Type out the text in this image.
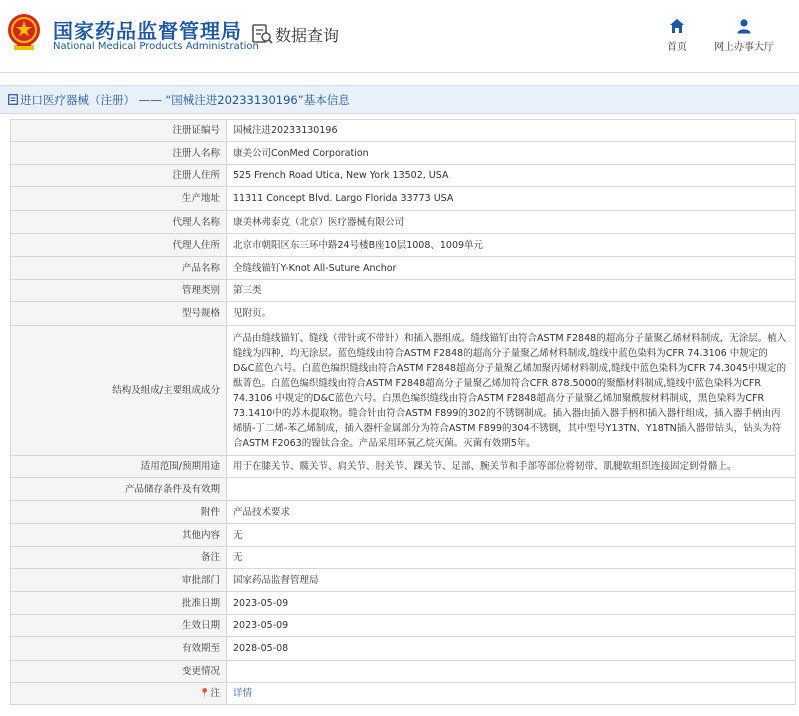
国家药品监督管理局
National Medical Products Administration
数据查询
首页	网上办事大厅
进口医疗器械（注册） —— “国械注进20233130196”基本信息
注册证编号	国械注进20233130196
注册人名称	康美公司ConMed Corporation
注册人住所	525 French Road Utica, New York 13502, USA
生产地址	11311 Concept Blvd. Largo Florida 33773 USA
代理人名称	康美林弗泰克（北京）医疗器械有限公司
代理人住所	北京市朝阳区东三环中路24号楼B座10层1008、1009单元
产品名称	全缝线锚钉Y-Knot All-Suture Anchor
管理类别	第三类
型号规格	见附页。
结构及组成/主要组成成分	产品由缝线锚钉、缝线（带针或不带针）和插入器组成。缝线锚钉由符合ASTM F2848的超高分子量聚乙烯材料制成，无涂层。植入缝线为四种，均无涂层。蓝色缝线由符合ASTM F2848的超高分子量聚乙烯材料制成,缝线中蓝色染料为CFR 74.3106 中规定的D&C蓝色六号。白蓝色编织缝线由符合ASTM F2848超高分子量聚乙烯加聚丙烯材料制成,缝线中蓝色染料为CFR 74.3045中规定的酞菁色。白蓝色编织缝线由符合ASTM F2848超高分子量聚乙烯加符合CFR 878.5000的聚酯材料制成,缝线中蓝色染料为CFR 74.3106 中规定的D&C蓝色六号。白黑色编织缝线由符合ASTM F2848超高分子量聚乙烯加聚酰胺材料制成，黑色染料为CFR 73.1410中的苏木提取物。缝合针由符合ASTM F899的302的不锈钢制成。插入器由插入器手柄和插入器杆组成，插入器手柄由丙烯腈-丁二烯-苯乙烯制成，插入器杆金属部分为符合ASTM F899的304不锈钢，其中型号Y13TN、Y18TN插入器带钻头，钻头为符合ASTM F2063的镍钛合金。产品采用环氧乙烷灭菌。灭菌有效期5年。
适用范围/预期用途	用于在膝关节、髋关节、肩关节、肘关节、踝关节、足部、腕关节和手部等部位将韧带、肌腱软组织连接固定到骨骼上。
产品储存条件及有效期	
附件	产品技术要求
其他内容	无
备注	无
审批部门	国家药品监督管理局
批准日期	2023-05-09
生效日期	2023-05-09
有效期至	2028-05-08
变更情况	
📍注	详情
